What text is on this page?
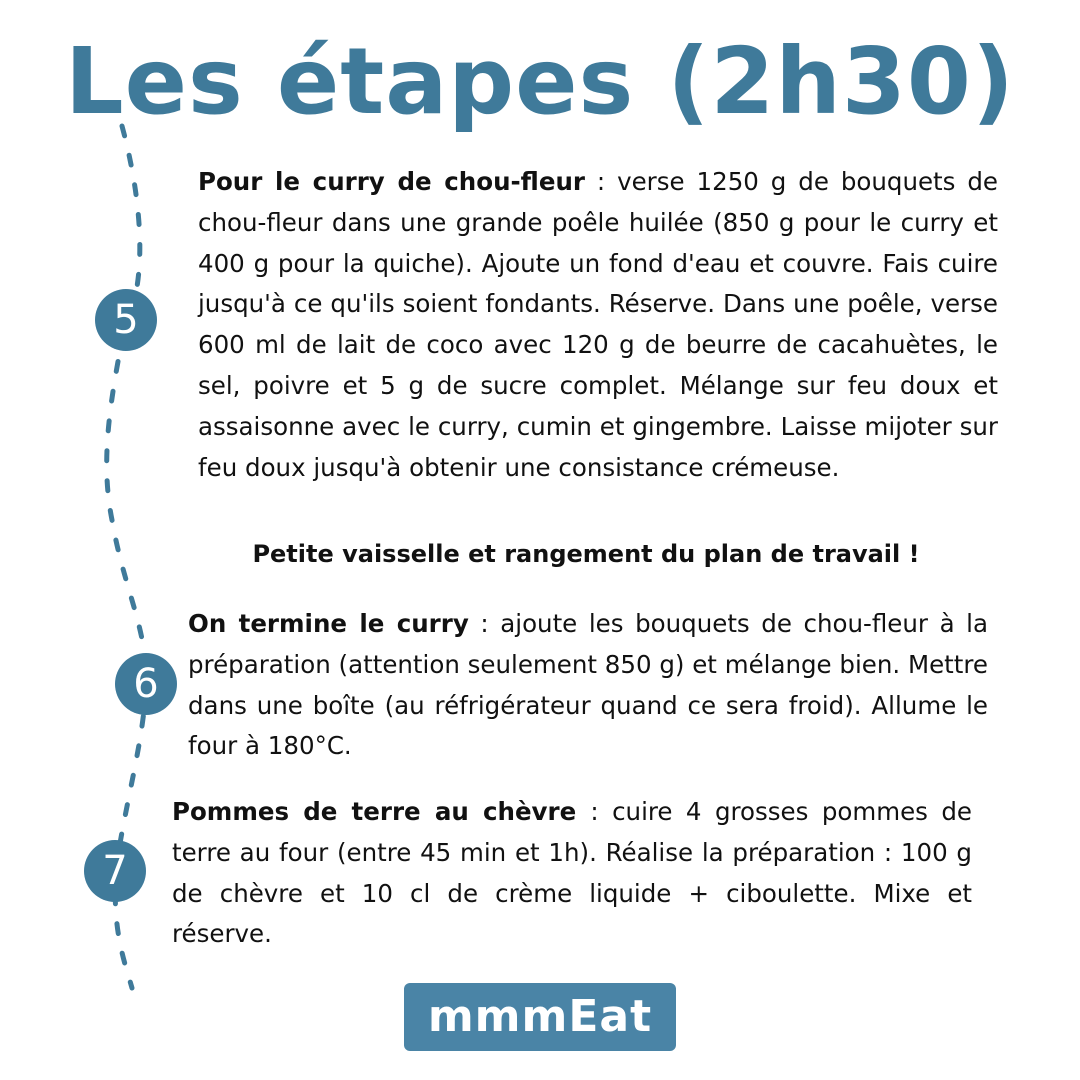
Les étapes (2h30)
5
6
7
Pour le curry de chou-fleur : verse 1250 g de bouquets de chou-fleur dans une grande poêle huilée (850 g pour le curry et 400 g pour la quiche). Ajoute un fond d'eau et couvre. Fais cuire jusqu'à ce qu'ils soient fondants. Réserve. Dans une poêle, verse 600 ml de lait de coco avec 120 g de beurre de cacahuètes, le sel, poivre et 5 g de sucre complet. Mélange sur feu doux et assaisonne avec le curry, cumin et gingembre. Laisse mijoter sur feu doux jusqu'à obtenir une consistance crémeuse.
Petite vaisselle et rangement du plan de travail !
On termine le curry : ajoute les bouquets de chou-fleur à la préparation (attention seulement 850 g) et mélange bien. Mettre dans une boîte (au réfrigérateur quand ce sera froid). Allume le four à 180°C.
Pommes de terre au chèvre : cuire 4 grosses pommes de terre au four (entre 45 min et 1h). Réalise la préparation : 100 g de chèvre et 10 cl de crème liquide + ciboulette. Mixe et réserve.
mmmEat
